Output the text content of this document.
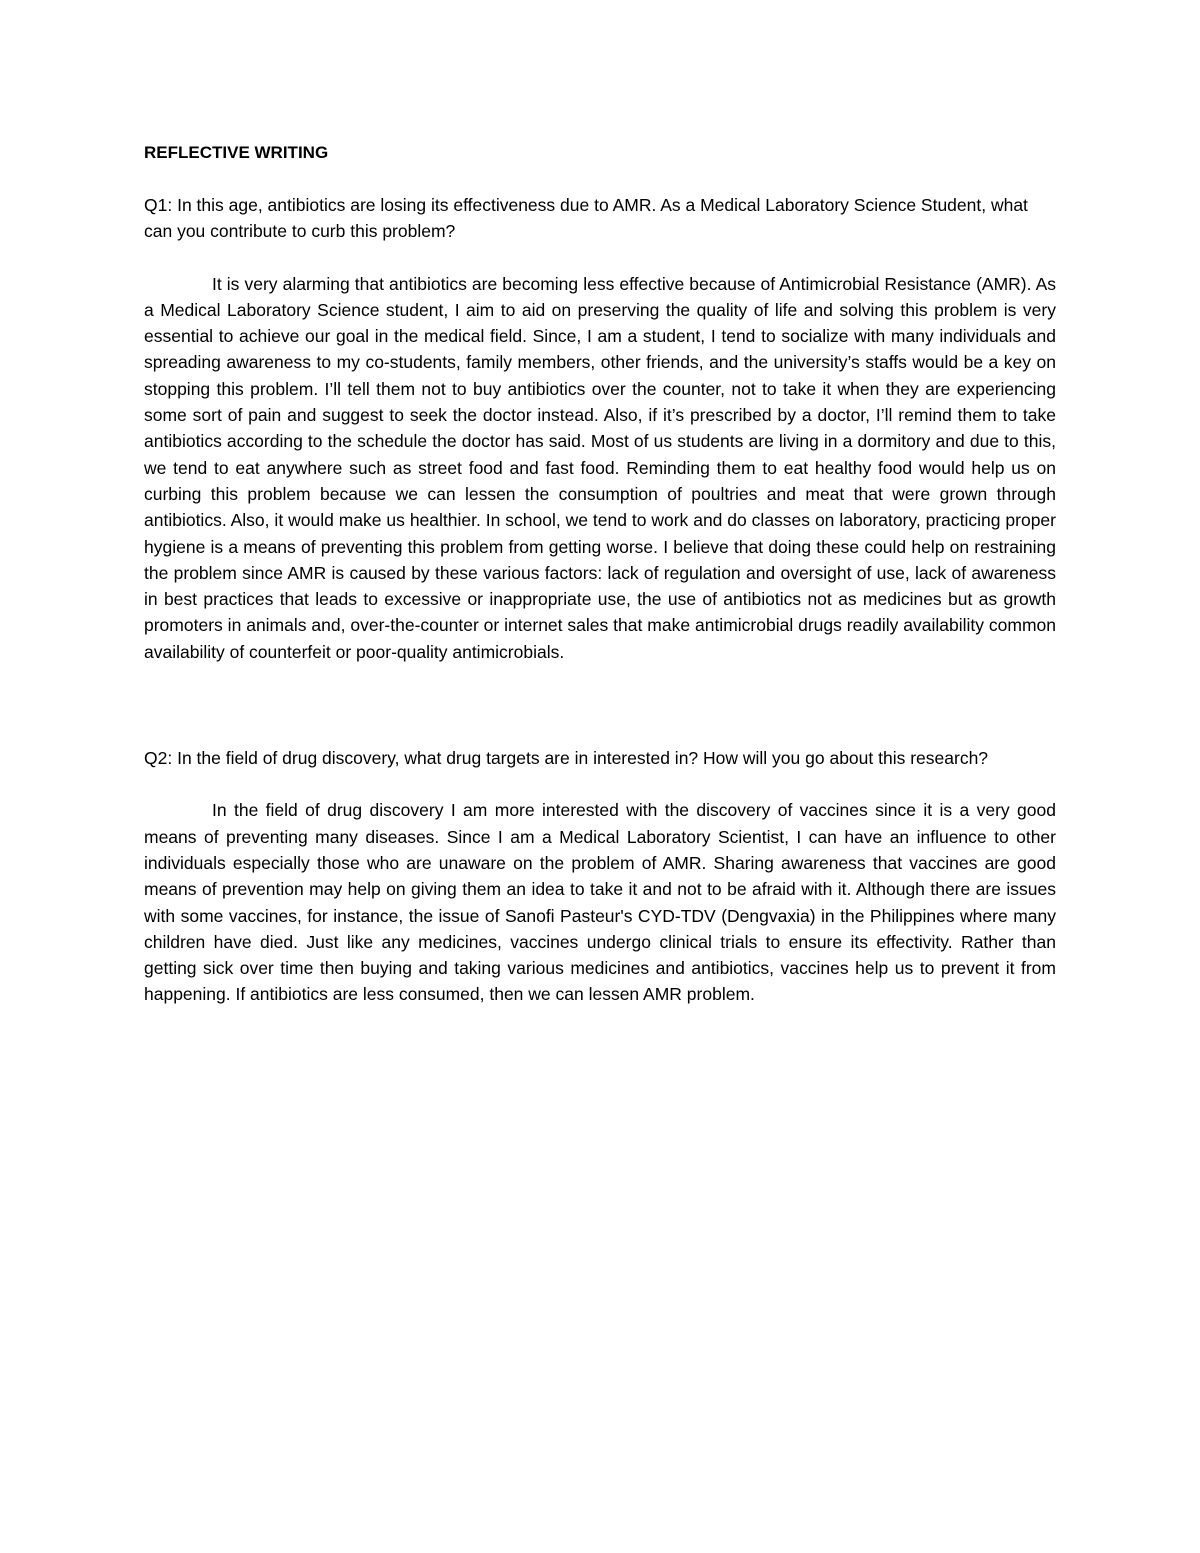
REFLECTIVE WRITING

Q1: In this age, antibiotics are losing its effectiveness due to AMR. As a Medical Laboratory Science Student, what can you contribute to curb this problem?

It is very alarming that antibiotics are becoming less effective because of Antimicrobial Resistance (AMR). As a Medical Laboratory Science student, I aim to aid on preserving the quality of life and solving this problem is very essential to achieve our goal in the medical field. Since, I am a student, I tend to socialize with many individuals and spreading awareness to my co-students, family members, other friends, and the university’s staffs would be a key on stopping this problem. I’ll tell them not to buy antibiotics over the counter, not to take it when they are experiencing some sort of pain and suggest to seek the doctor instead. Also, if it’s prescribed by a doctor, I’ll remind them to take antibiotics according to the schedule the doctor has said. Most of us students are living in a dormitory and due to this, we tend to eat anywhere such as street food and fast food. Reminding them to eat healthy food would help us on curbing this problem because we can lessen the consumption of poultries and meat that were grown through antibiotics. Also, it would make us healthier. In school, we tend to work and do classes on laboratory, practicing proper hygiene is a means of preventing this problem from getting worse. I believe that doing these could help on restraining the problem since AMR is caused by these various factors: lack of regulation and oversight of use, lack of awareness in best practices that leads to excessive or inappropriate use, the use of antibiotics not as medicines but as growth promoters in animals and, over-the-counter or internet sales that make antimicrobial drugs readily availability common availability of counterfeit or poor-quality antimicrobials.

Q2: In the field of drug discovery, what drug targets are in interested in? How will you go about this research?

In the field of drug discovery I am more interested with the discovery of vaccines since it is a very good means of preventing many diseases. Since I am a Medical Laboratory Scientist, I can have an influence to other individuals especially those who are unaware on the problem of AMR. Sharing awareness that vaccines are good means of prevention may help on giving them an idea to take it and not to be afraid with it. Although there are issues with some vaccines, for instance, the issue of Sanofi Pasteur's CYD-TDV (Dengvaxia) in the Philippines where many children have died. Just like any medicines, vaccines undergo clinical trials to ensure its effectivity. Rather than getting sick over time then buying and taking various medicines and antibiotics, vaccines help us to prevent it from happening. If antibiotics are less consumed, then we can lessen AMR problem.
